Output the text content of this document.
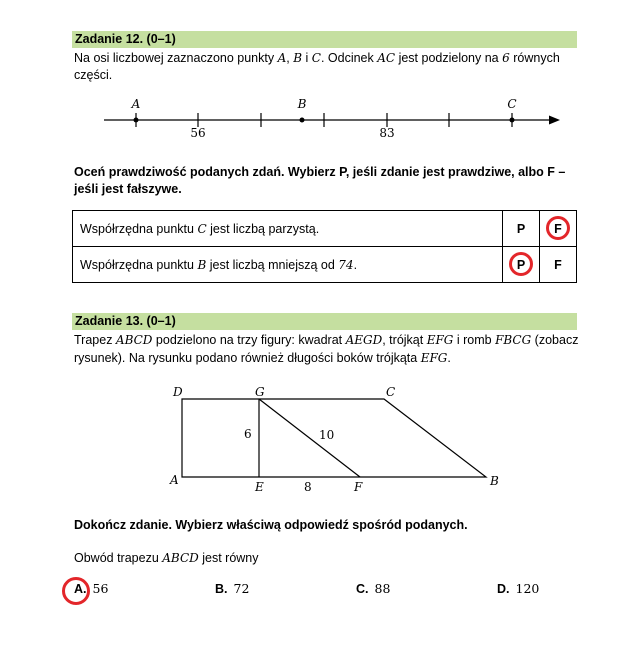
Zadanie 12. (0–1)
Na osi liczbowej zaznaczono punkty A, B i C. Odcinek AC jest podzielony na 6 równych
części.
A	B	C
56	83
Oceń prawdziwość podanych zdań. Wybierz P, jeśli zdanie jest prawdziwe, albo F –
jeśli jest fałszywe.
Współrzędna punktu C jest liczbą parzystą.	P	F

Współrzędna punktu B jest liczbą mniejszą od 74.	P	F
Zadanie 13. (0–1)
Trapez ABCD podzielono na trzy figury: kwadrat AEGD, trójkąt EFG i romb FBCG (zobacz
rysunek). Na rysunku podano również długości boków trójkąta EFG.
D	G	C
A	E	F	B
6	10
8
Dokończ zdanie. Wybierz właściwą odpowiedź spośród podanych.
Obwód trapezu ABCD jest równy
A. 56	B. 72	C. 88	D. 120
